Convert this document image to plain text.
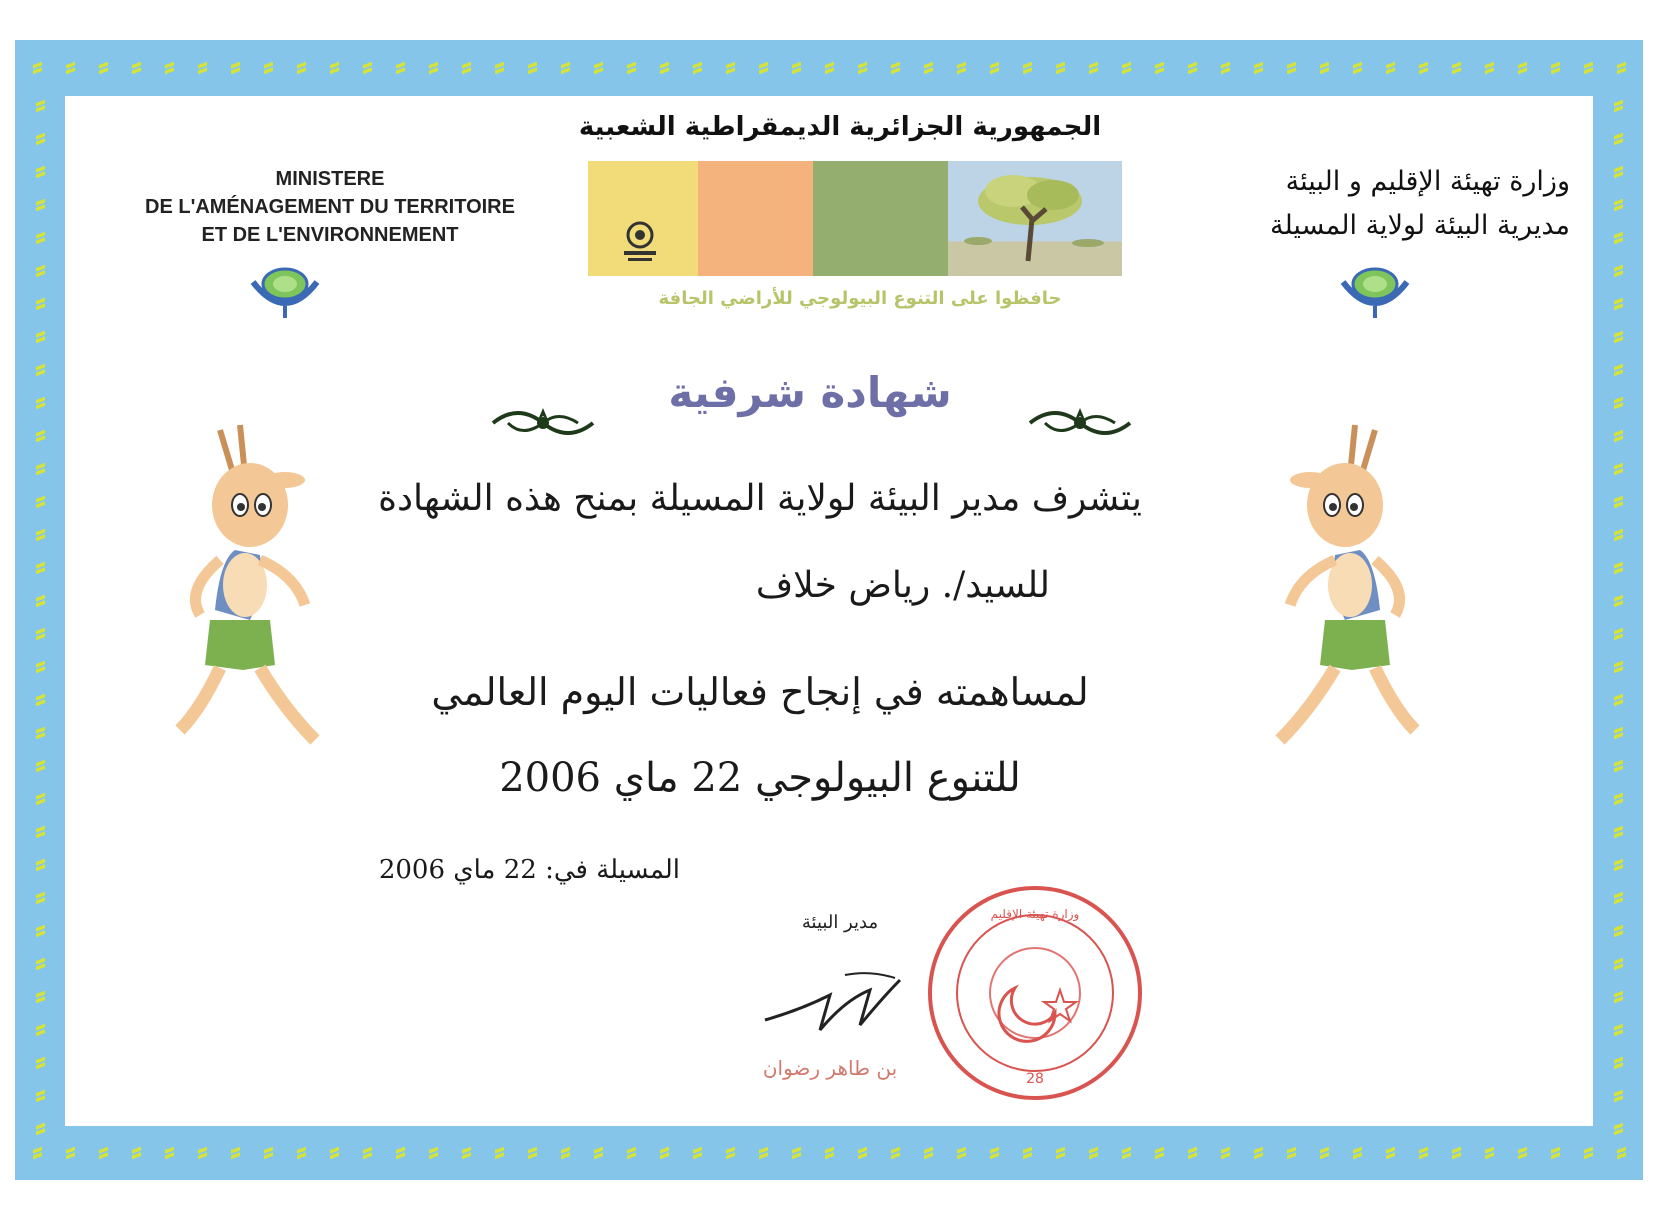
الجمهورية الجزائرية الديمقراطية الشعبية
MINISTERE
DE L'AMÉNAGEMENT DU TERRITOIRE
ET DE L'ENVIRONNEMENT
وزارة تهيئة الإقليم و البيئة
مديرية البيئة لولاية المسيلة
حافظوا على التنوع البيولوجي للأراضي الجافة
شهادة شرفية
يتشرف مدير البيئة لولاية المسيلة بمنح هذه الشهادة
للسيد/. رياض خلاف
لمساهمته في إنجاح فعاليات اليوم العالمي
للتنوع البيولوجي 22 ماي 2006
المسيلة في: 22 ماي 2006
مدير البيئة
بن طاهر رضوان	28
وزارة تهيئة الإقليم
